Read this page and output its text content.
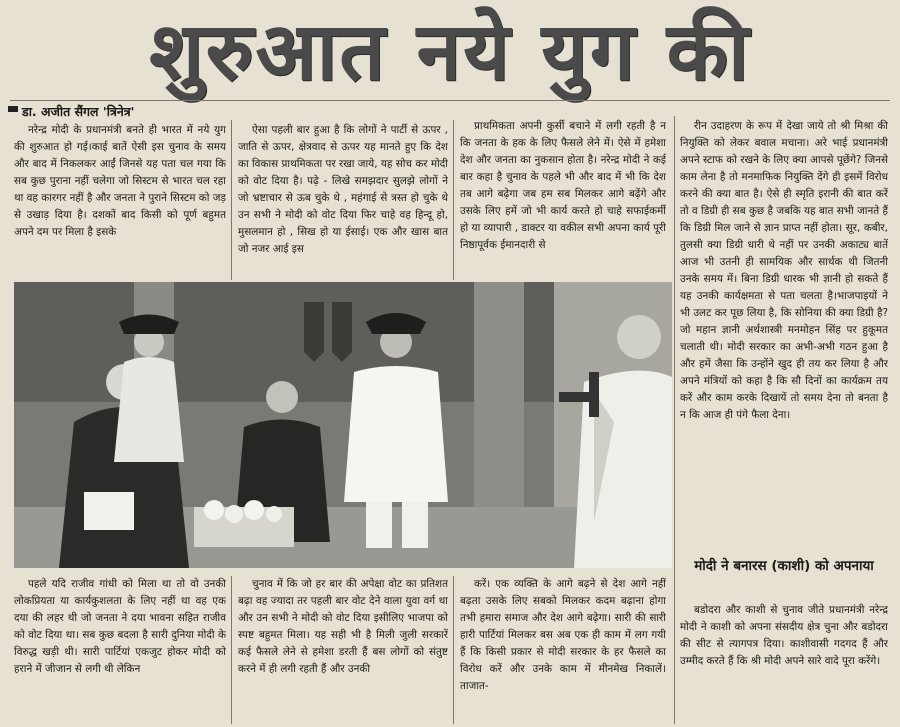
शुरुआत नये युग की
डा. अजीत सैंगल 'त्रिनेत्र'

नरेन्द्र मोदी के प्रधानमंत्री बनते ही भारत में नये युग की शुरुआत हो गई।काई बातें ऐसी इस चुनाव के समय और बाद में निकलकर आईं जिनसे यह पता चल गया कि सब कुछ पुराना नहीं चलेगा जो सिस्टम से भारत चल रहा था वह कारगर नहीं है और जनता ने पुराने सिस्टम को जड़ से उखाड़ दिया है। दशकों बाद किसी को पूर्ण बहुमत अपने दम पर मिला है इसके

ऐसा पहली बार हुआ है कि लोगों ने पार्टी से ऊपर , जाति से ऊपर, क्षेत्रवाद से ऊपर यह मानते हुए कि देश का विकास प्राथमिकता पर रखा जाये, यह सोच कर मोदी को वोट दिया है। पढ़े - लिखे समझदार सुलझे लोगों ने जो भ्रष्टाचार से ऊब चुके थे , महंगाई से त्रस्त हो चुके थे उन सभी ने मोदी को वोट दिया फिर चाहे वह हिन्दू हो, मुसलमान हो , सिख हो या ईसाई। एक और खास बात जो नजर आई इस

प्राथमिकता अपनी कुर्सी बचाने में लगी रहती है न कि जनता के हक के लिए फैसले लेने में। ऐसे में हमेशा देश और जनता का नुकसान होता है। नरेन्द्र मोदी ने कई बार कहा है चुनाव के पहले भी और बाद में भी कि देश तब आगे बढ़ेगा जब हम सब मिलकर आगे बढ़ेंगे और उसके लिए हमें जो भी कार्य करते हो चाहे सफाईकर्मी हो या व्यापारी , डाक्टर या वकील सभी अपना कार्य पूरी निष्ठापूर्वक ईमानदारी से

रीन उदाहरण के रूप में देखा जाये तो श्री मिश्रा की नियुक्ति को लेकर बवाल मचाना। अरे भाई प्रधानमंत्री अपने स्टाफ को रखने के लिए क्या आपसे पूछेंगे? जिनसे काम लेना है तो मनमाफिक नियुक्ति देंगे ही इसमें विरोध करने की क्या बात है। ऐसे ही स्मृति इरानी की बात करें तो व डिग्री ही सब कुछ है जबकि यह बात सभी जानते हैं कि डिग्री मिल जाने से ज्ञान प्राप्त नहीं होता। सूर, कबीर, तुलसी क्या डिग्री धारी थे नहीं पर उनकी अकाट्य बातें आज भी उतनी ही सामयिक और सार्थक थी जितनी उनके समय में। बिना डिग्री धारक भी ज्ञानी हो सकते हैं यह उनकी कार्यक्षमता से पता चलता है।भाजपाइयों ने भी उलट कर पूछ लिया है, कि सोनिया की क्या डिग्री है? जो महान ज्ञानी अर्थशास्त्री मनमोहन सिंह पर हुकूमत चलाती थी। मोदी सरकार का अभी-अभी गठन हुआ है और हमें जैसा कि उन्होंने खुद ही तय कर लिया है और अपने मंत्रियों को कहा है कि सौ दिनों का कार्यक्रम तय करें और काम करके दिखायें तो समय देना तो बनता है न कि आज ही पंगे फैला देना।

मोदी ने बनारस (काशी) को अपनाया

पहले यदि राजीव गांधी को मिला था तो वो उनकी लोकप्रियता या कार्यकुशलता के लिए नहीं था वह एक दया की लहर थी जो जनता ने दया भावना सहित राजीव को वोट दिया था। सब कुछ बदला है सारी दुनिया मोदी के विरुद्ध खड़ी थी। सारी पार्टियां एकजुट होकर मोदी को हराने में जीजान से लगी थी लेकिन

चुनाव में कि जो हर बार की अपेक्षा वोट का प्रतिशत बढ़ा वह ज्यादा तर पहली बार वोट देने वाला युवा वर्ग था और उन सभी ने मोदी को वोट दिया इसीलिए भाजपा को स्पष्ट बहुमत मिला। यह सही भी है मिली जुली सरकारें कई फैसले लेने से हमेशा डरती हैं बस लोगों को संतुष्ट करने में ही लगी रहती हैं और उनकी

करें। एक व्यक्ति के आगे बढ़ने से देश आगे नहीं बढ़ता उसके लिए सबको मिलकर कदम बढ़ाना होगा तभी हमारा समाज और देश आगे बढ़ेगा। सारी की सारी हारी पार्टियां मिलकर बस अब एक ही काम में लग गयी हैं कि किसी प्रकार से मोदी सरकार के हर फैसले का विरोध करें और उनके काम में मीनमेख निकालें। ताजात-

बडोदरा और काशी से चुनाव जीते प्रधानमंत्री नरेन्द्र मोदी ने काशी को अपना संसदीय क्षेत्र चुना और बडोदरा की सीट से त्यागपत्र दिया। काशीवासी गदगद हैं और उम्मीद करते हैं कि श्री मोदी अपने सारे वादे पूरा करेंगे।
